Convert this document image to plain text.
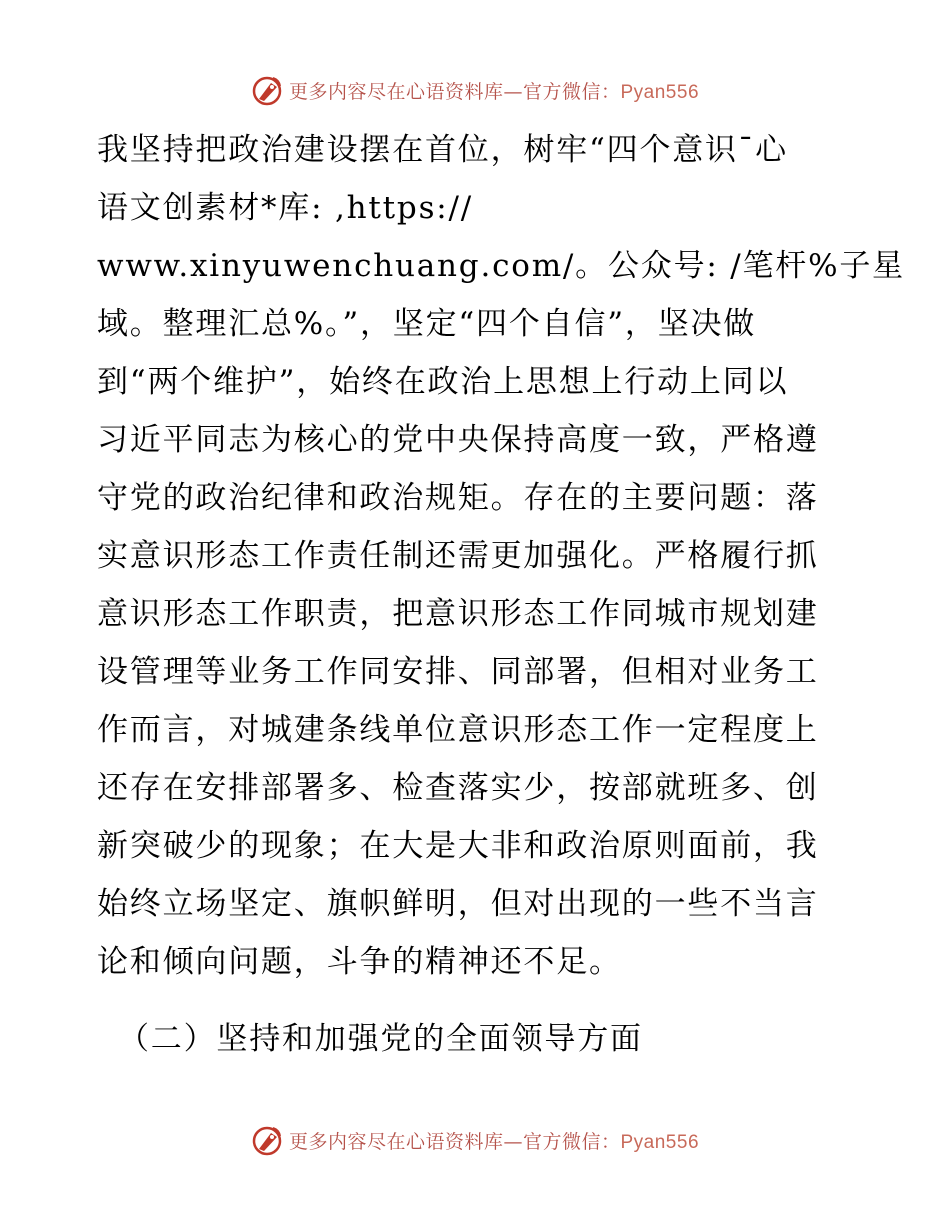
更多内容尽在心语资料库—官方微信：Pyan556
我坚持把政治建设摆在首位，树牢“四个意识¯心
语文创素材*库: ,https://
www.xinyuwenchuang.com/。公众号: /笔杆%子星
域。整理汇总%。”，坚定“四个自信”，坚决做
到“两个维护”，始终在政治上思想上行动上同以
习近平同志为核心的党中央保持高度一致，严格遵
守党的政治纪律和政治规矩。存在的主要问题：落
实意识形态工作责任制还需更加强化。严格履行抓
意识形态工作职责，把意识形态工作同城市规划建
设管理等业务工作同安排、同部署，但相对业务工
作而言，对城建条线单位意识形态工作一定程度上
还存在安排部署多、检查落实少，按部就班多、创
新突破少的现象；在大是大非和政治原则面前，我
始终立场坚定、旗帜鲜明，但对出现的一些不当言
论和倾向问题，斗争的精神还不足。
（二）坚持和加强党的全面领导方面
更多内容尽在心语资料库—官方微信：Pyan556
